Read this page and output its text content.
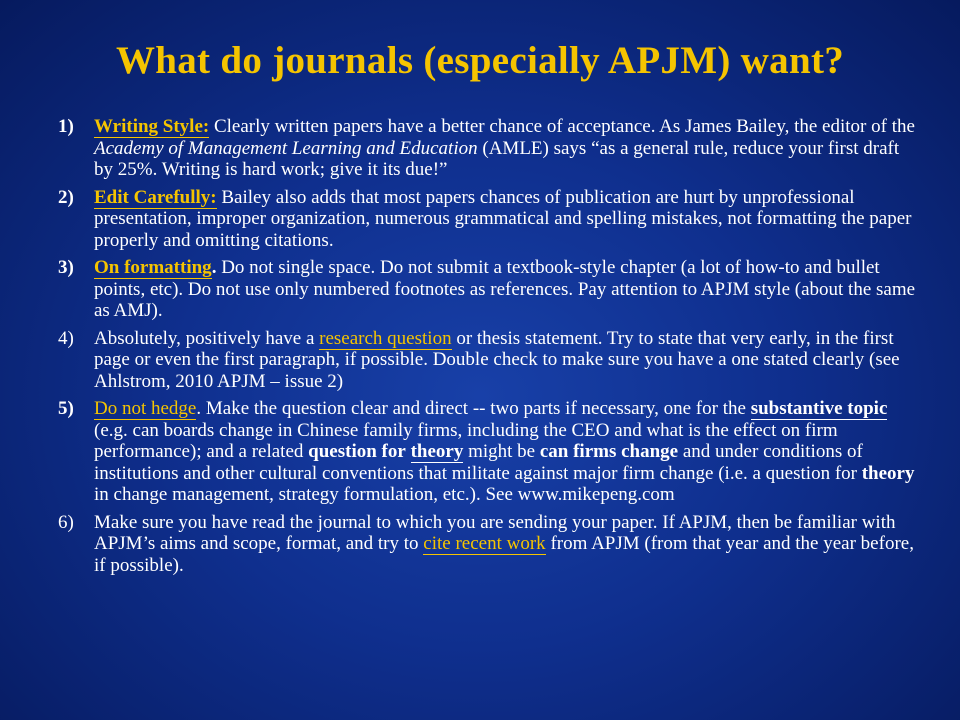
What do journals (especially APJM) want?
1)	Writing Style: Clearly written papers have a better chance of acceptance. As James Bailey, the editor of the Academy of Management Learning and Education (AMLE) says “as a general rule, reduce your first draft by 25%. Writing is hard work; give it its due!”
2)	Edit Carefully: Bailey also adds that most papers chances of publication are hurt by unprofessional presentation, improper organization, numerous grammatical and spelling mistakes, not formatting the paper properly and omitting citations.
3)	On formatting. Do not single space. Do not submit a textbook-style chapter (a lot of how-to and bullet points, etc). Do not use only numbered footnotes as references. Pay attention to APJM style (about the same as AMJ).
4)	Absolutely, positively have a research question or thesis statement. Try to state that very early, in the first page or even the first paragraph, if possible. Double check to make sure you have a one stated clearly (see Ahlstrom, 2010 APJM – issue 2)
5)	Do not hedge. Make the question clear and direct -- two parts if necessary, one for the substantive topic (e.g. can boards change in Chinese family firms, including the CEO and what is the effect on firm performance); and a related question for theory might be can firms change and under conditions of institutions and other cultural conventions that militate against major firm change (i.e. a question for theory in change management, strategy formulation, etc.). See www.mikepeng.com
6)	Make sure you have read the journal to which you are sending your paper. If APJM, then be familiar with APJM’s aims and scope, format, and try to cite recent work from APJM (from that year and the year before, if possible).
